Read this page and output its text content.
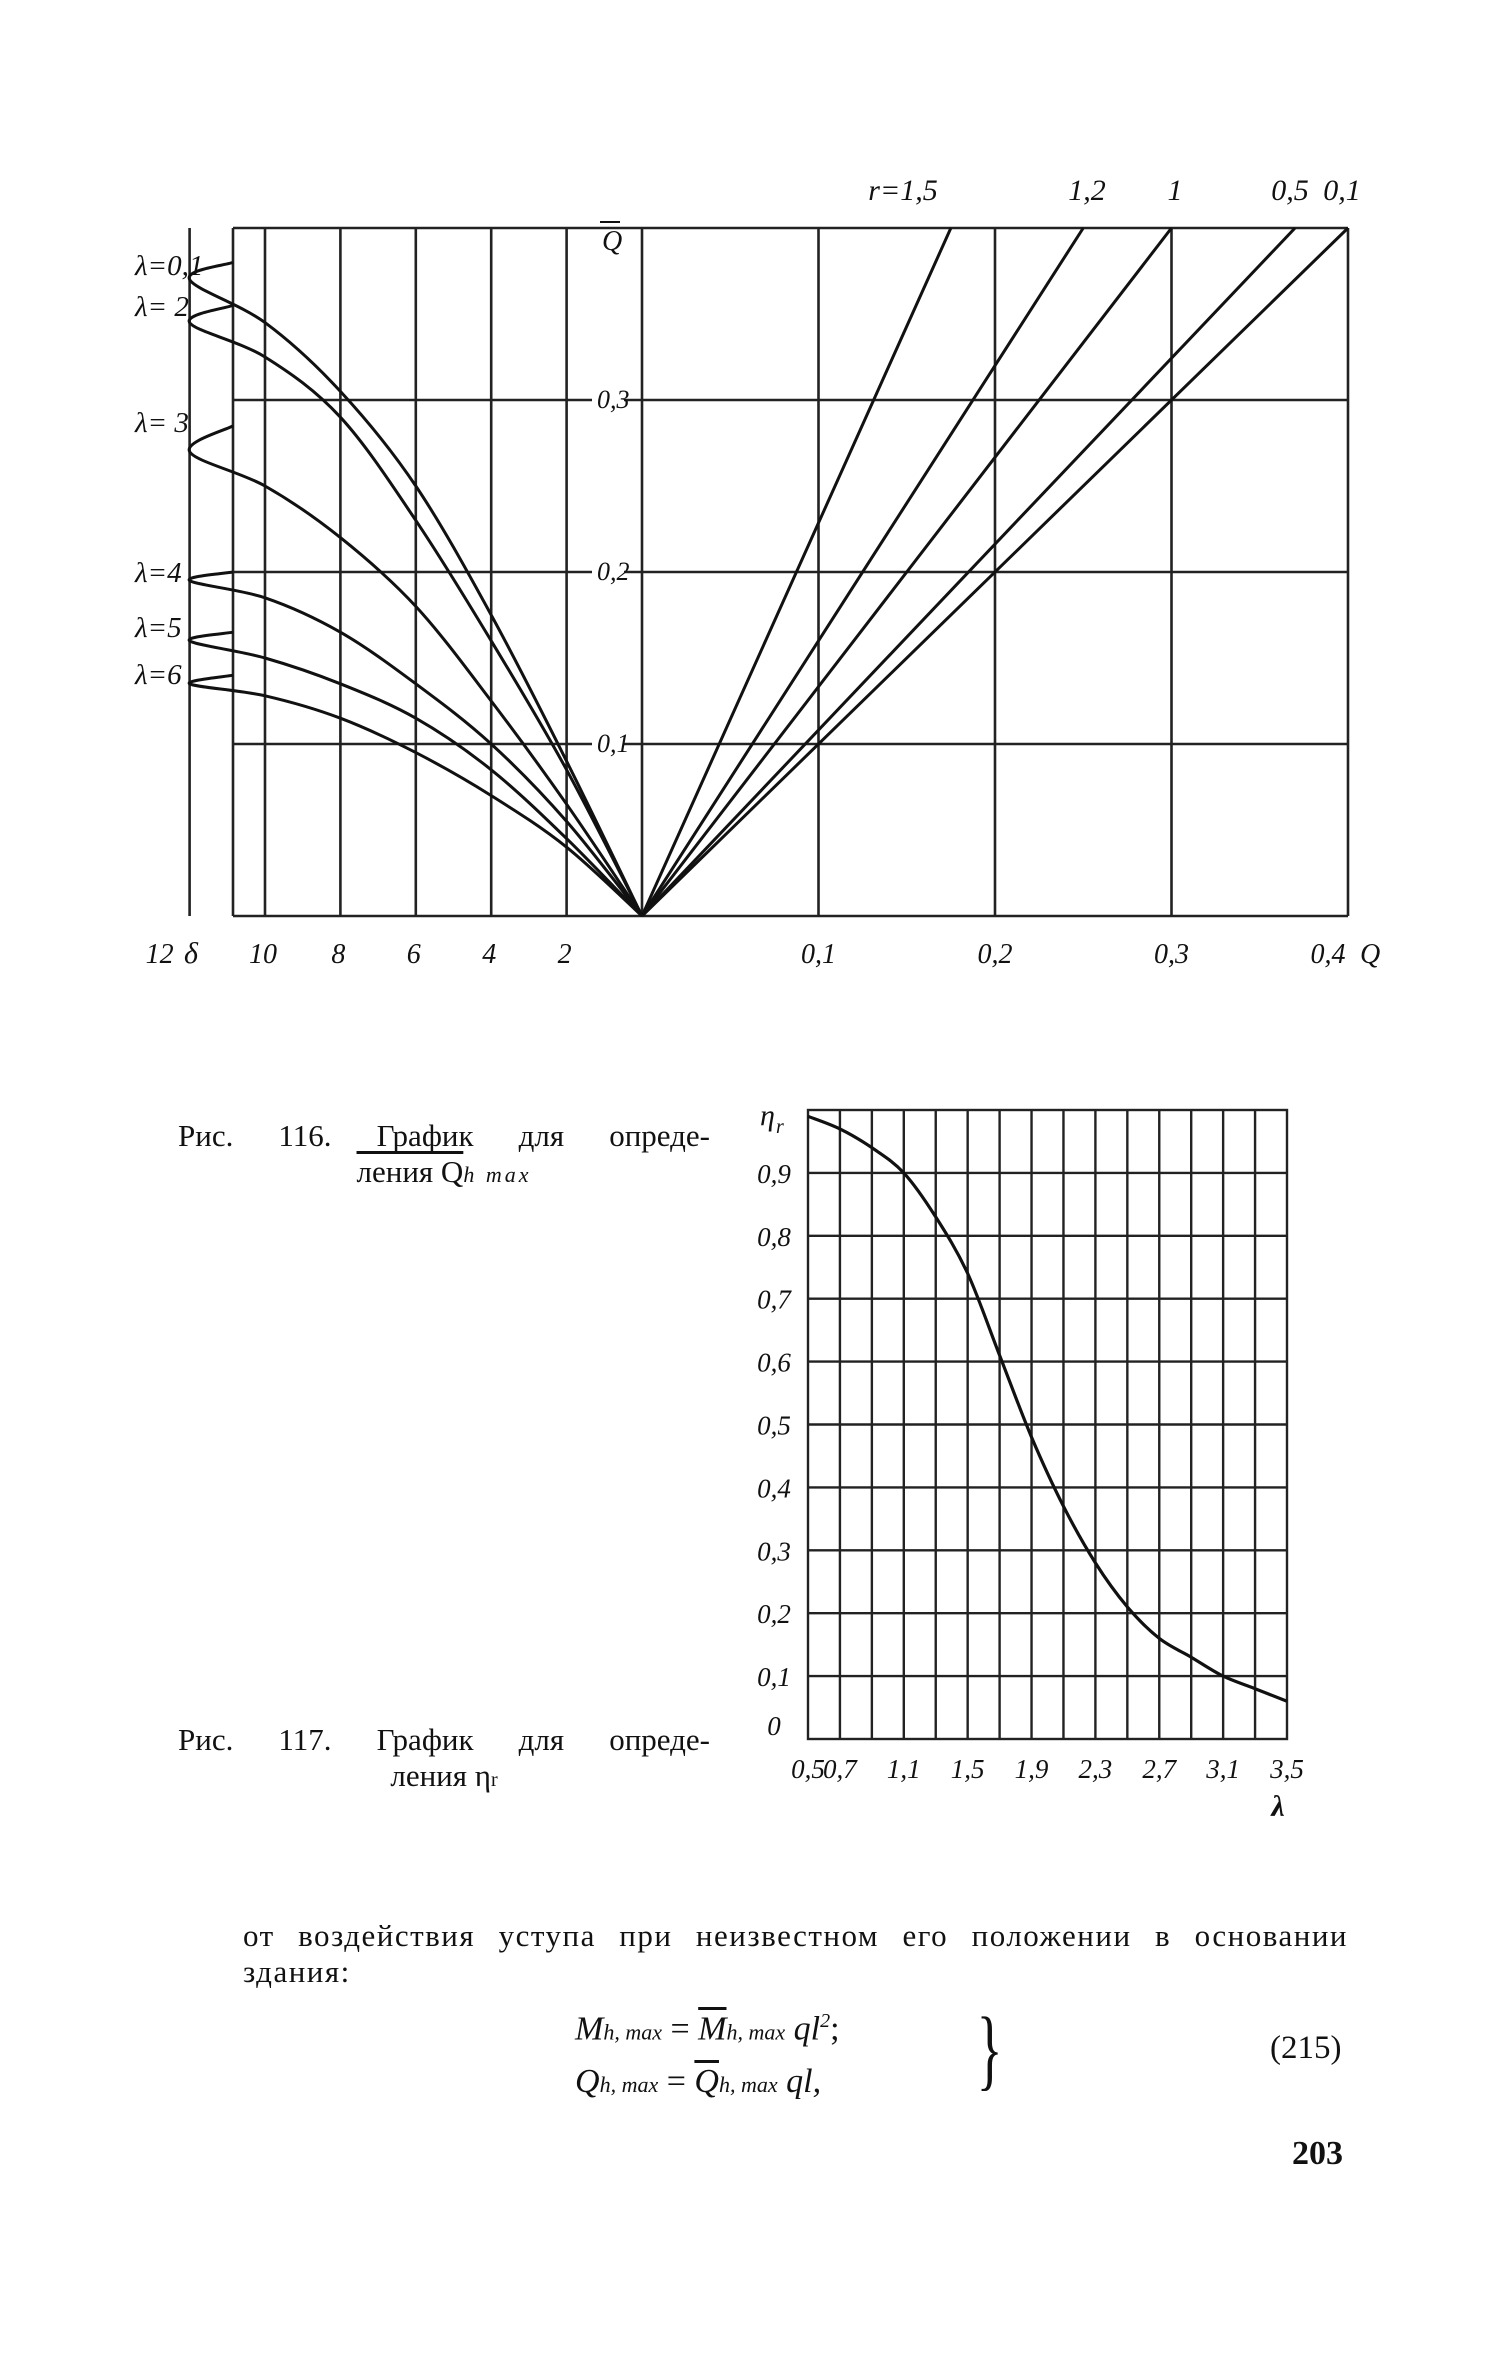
0,3
0,2
0,1
12	10 8 6 4 2
δ	0,1	0,2	0,3	0,4 Q
Q
r=1,5	1,2 1	0,5 0,1
λ=0,1
λ= 2
λ= 3
λ=4
λ=5
λ=6
0,9
0,8
0,7
0,6
0,5
0,4
0,3
0,2
0,1
0
0,5
0,7 1,1 1,5 1,9 2,3 2,7 3,1 3,5
η r
λ
Рис. 116. График для опреде-
ления Qh max
Рис. 117. График для опреде-
ления ηr
от воздействия уступа при неизвестном его положении в основании здания:
Mh, $\max = \overline{M}h$, $\max ql^2$;
Qh, $\max = \overline{Q}h$, max ql, }	(215)
203
